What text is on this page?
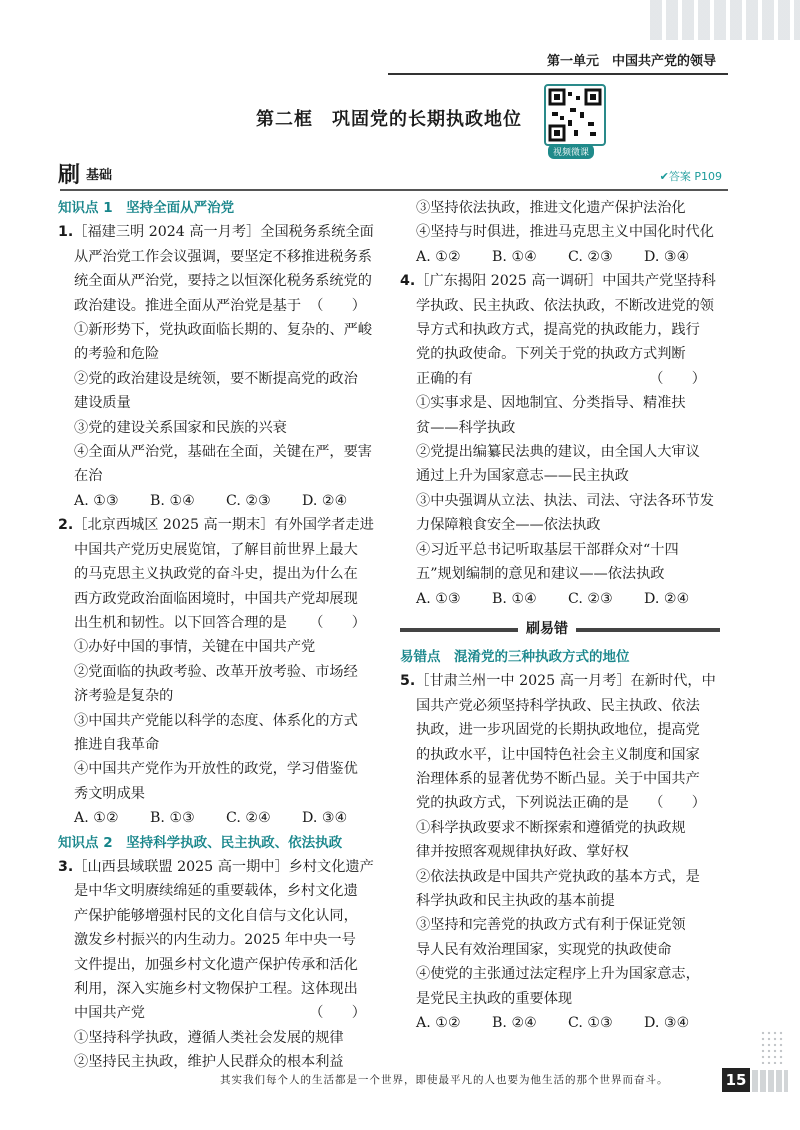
第一单元　中国共产党的领导
第二框　巩固党的长期执政地位
视频微课
刷 基础	✔答案 P109
知识点 1　坚持全面从严治党
1.［福建三明 2024 高一月考］全国税务系统全面
从严治党工作会议强调，要坚定不移推进税务系
统全面从严治党，要持之以恒深化税务系统党的
政治建设。推进全面从严治党是基于 （　　）
①新形势下，党执政面临长期的、复杂的、严峻
的考验和危险
②党的政治建设是统领，要不断提高党的政治
建设质量
③党的建设关系国家和民族的兴衰
④全面从严治党，基础在全面，关键在严，要害在治
A. ①③	B. ①④	C. ②③	D. ②④
2.［北京西城区 2025 高一期末］有外国学者走进
中国共产党历史展览馆，了解目前世界上最大
的马克思主义执政党的奋斗史，提出为什么在
西方政党政治面临困境时，中国共产党却展现
出生机和韧性。以下回答合理的是 （　　）
①办好中国的事情，关键在中国共产党
②党面临的执政考验、改革开放考验、市场经
济考验是复杂的
③中国共产党能以科学的态度、体系化的方式
推进自我革命
④中国共产党作为开放性的政党，学习借鉴优
秀文明成果
A. ①②	B. ①③	C. ②④	D. ③④
知识点 2　坚持科学执政、民主执政、依法执政
3.［山西县域联盟 2025 高一期中］乡村文化遗产
是中华文明赓续绵延的重要载体，乡村文化遗
产保护能够增强村民的文化自信与文化认同，
激发乡村振兴的内生动力。2025 年中央一号
文件提出，加强乡村文化遗产保护传承和活化
利用，深入实施乡村文物保护工程。这体现出
中国共产党	（　　）
①坚持科学执政，遵循人类社会发展的规律
②坚持民主执政，维护人民群众的根本利益
③坚持依法执政，推进文化遗产保护法治化
④坚持与时俱进，推进马克思主义中国化时代化
A. ①②	B. ①④	C. ②③	D. ③④
4.［广东揭阳 2025 高一调研］中国共产党坚持科
学执政、民主执政、依法执政，不断改进党的领
导方式和执政方式，提高党的执政能力，践行
党的执政使命。下列关于党的执政方式判断
正确的有	（　　）
①实事求是、因地制宜、分类指导、精准扶
贫——科学执政
②党提出编纂民法典的建议，由全国人大审议
通过上升为国家意志——民主执政
③中央强调从立法、执法、司法、守法各环节发
力保障粮食安全——依法执政
④习近平总书记听取基层干部群众对“十四
五”规划编制的意见和建议——依法执政
A. ①③	B. ①④	C. ②③	D. ②④
刷易错
易错点　混淆党的三种执政方式的地位
5.［甘肃兰州一中 2025 高一月考］在新时代，中
国共产党必须坚持科学执政、民主执政、依法
执政，进一步巩固党的长期执政地位，提高党
的执政水平，让中国特色社会主义制度和国家
治理体系的显著优势不断凸显。关于中国共产
党的执政方式，下列说法正确的是 （　　）
①科学执政要求不断探索和遵循党的执政规
律并按照客观规律执好政、掌好权
②依法执政是中国共产党执政的基本方式，是
科学执政和民主执政的基本前提
③坚持和完善党的执政方式有利于保证党领
导人民有效治理国家，实现党的执政使命
④使党的主张通过法定程序上升为国家意志，
是党民主执政的重要体现
A. ①②	B. ②④	C. ①③	D. ③④
其实我们每个人的生活都是一个世界，即使最平凡的人也要为他生活的那个世界而奋斗。	15
